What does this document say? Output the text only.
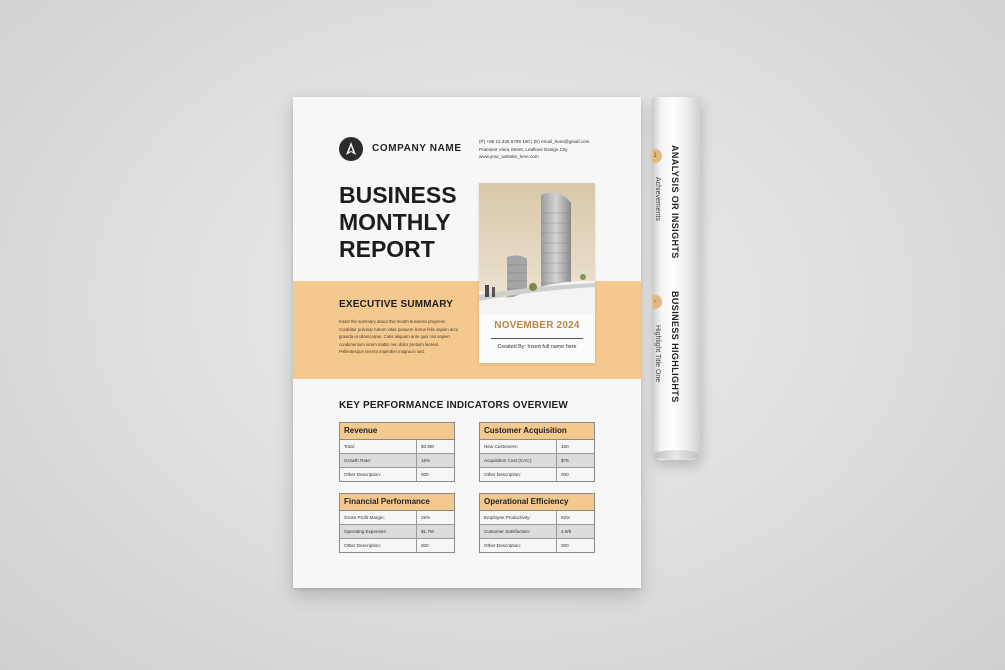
COMPANY NAME
(P) +88 12 345 6789 100 | (E) email_here@gmail.com
Praesent Viera Street, Leaflove Design City
www.your_website_here.com
BUSINESS
MONTHLY
REPORT
EXECUTIVE SUMMARY
Insert the summary about this month business progress. Curabitur pulvinar rutrum vitae posuere lectus felis sapien arcu gravida ut ullamcorper. Cutis aliquam ante quis nisl sapien condimentum lorem mattis nec dolor pretium laoreet. Pellentesque viverra imperdiet magna in sed.
NOVEMBER 2024
Created By: Insert full name here
KEY PERFORMANCE INDICATORS OVERVIEW
Revenue
Total:	$3.9M
Growth Rate:	15%
Other Description:	000
Customer Acquisition
New Customers:	180
Acquisition Cost (CAC):	$75
Other Description:	000
Financial Performance
Gross Profit Margin:	25%
Operating Expenses:	$1.7M
Other Description:	000
Operational Efficiency
Employee Productivity:	92%
Customer Satisfaction:	4.9/5
Other Description:	000
1
›
ANALYSIS OR INSIGHTS
Achievements
BUSINESS HIGHLIGHTS
Highlight Title One
